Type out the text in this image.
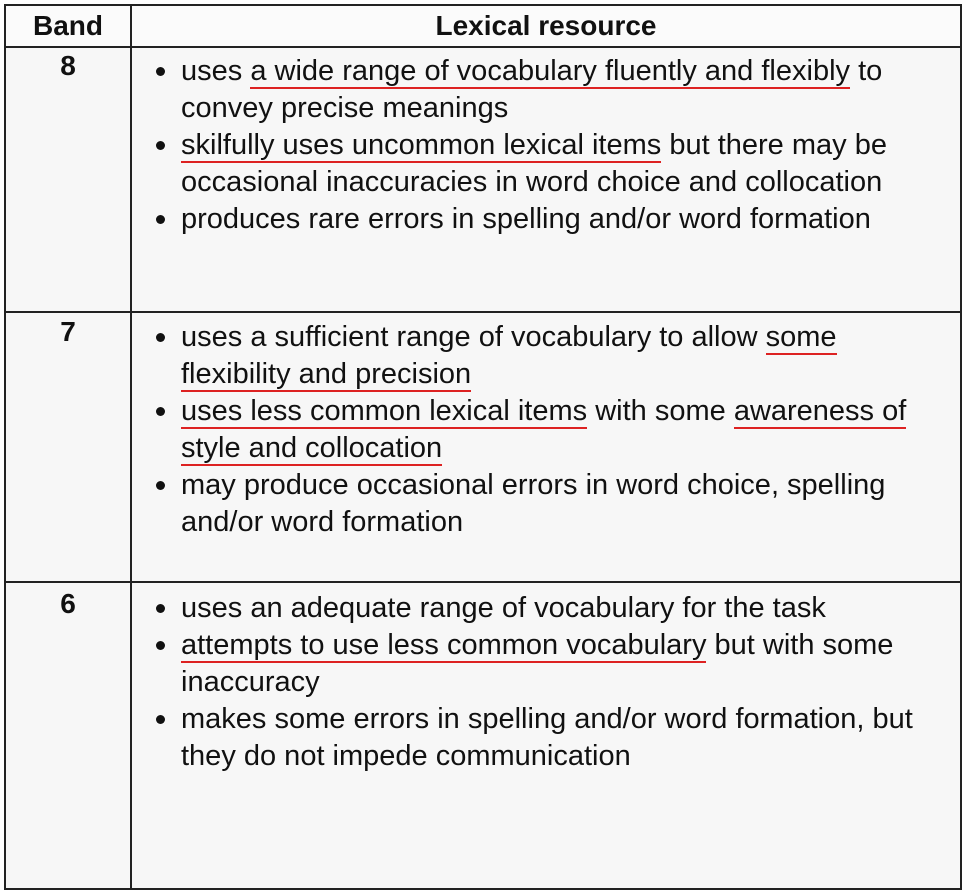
Band	Lexical resource
8	uses a wide range of vocabulary fluently and flexibly to convey precise meanings
skilfully uses uncommon lexical items but there may be occasional inaccuracies in word choice and collocation
produces rare errors in spelling and/or word formation
7	uses a sufficient range of vocabulary to allow some flexibility and precision
uses less common lexical items with some awareness of style and collocation
may produce occasional errors in word choice, spelling and/or word formation
6	uses an adequate range of vocabulary for the task
attempts to use less common vocabulary but with some inaccuracy
makes some errors in spelling and/or word formation, but they do not impede communication
